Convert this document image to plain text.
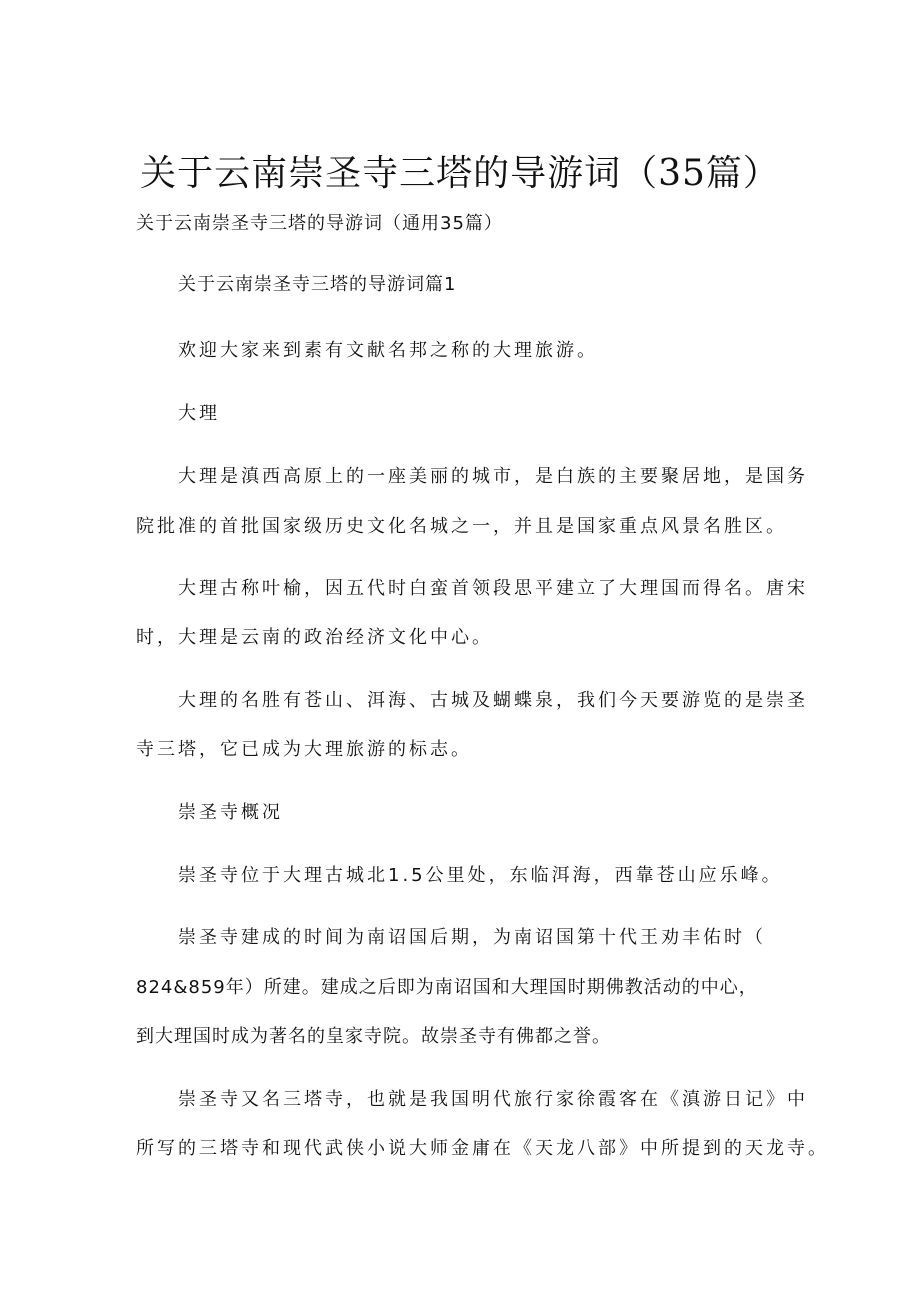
关于云南崇圣寺三塔的导游词（35篇）
关于云南崇圣寺三塔的导游词（通用35篇）
关于云南崇圣寺三塔的导游词篇1
欢迎大家来到素有文献名邦之称的大理旅游。
大理
大理是滇西高原上的一座美丽的城市，是白族的主要聚居地，是国务
院批准的首批国家级历史文化名城之一，并且是国家重点风景名胜区。
大理古称叶榆，因五代时白蛮首领段思平建立了大理国而得名。唐宋
时，大理是云南的政治经济文化中心。
大理的名胜有苍山、洱海、古城及蝴蝶泉，我们今天要游览的是崇圣
寺三塔，它已成为大理旅游的标志。
崇圣寺概况
崇圣寺位于大理古城北1.5公里处，东临洱海，西靠苍山应乐峰。
崇圣寺建成的时间为南诏国后期，为南诏国第十代王劝丰佑时（
824&859年）所建。建成之后即为南诏国和大理国时期佛教活动的中心，
到大理国时成为著名的皇家寺院。故崇圣寺有佛都之誉。
崇圣寺又名三塔寺，也就是我国明代旅行家徐霞客在《滇游日记》中
所写的三塔寺和现代武侠小说大师金庸在《天龙八部》中所提到的天龙寺。
